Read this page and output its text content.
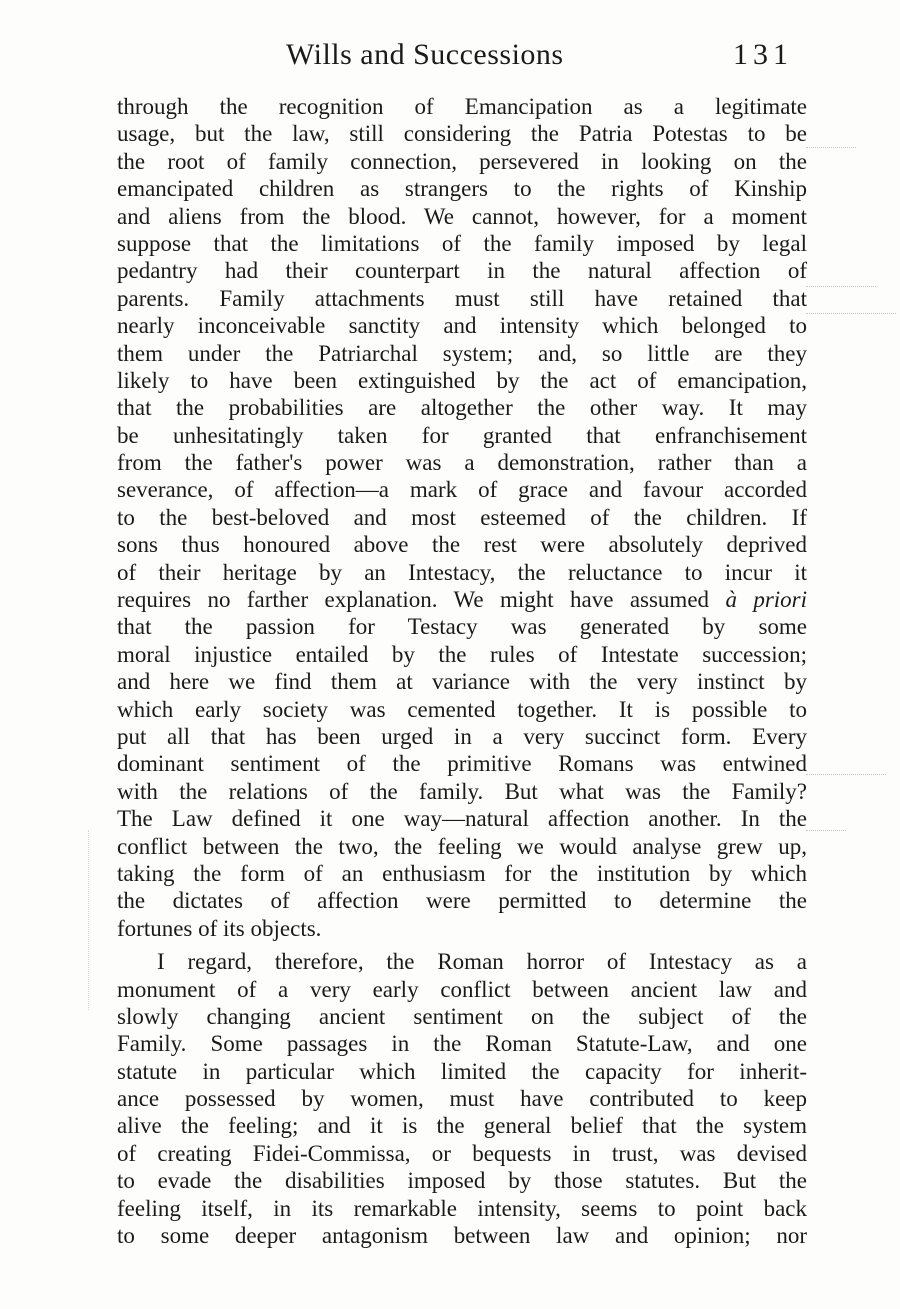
Wills and Successions	131
through the recognition of Emancipation as a legitimate
usage, but the law, still considering the Patria Potestas to be
the root of family connection, persevered in looking on the
emancipated children as strangers to the rights of Kinship
and aliens from the blood. We cannot, however, for a moment
suppose that the limitations of the family imposed by legal
pedantry had their counterpart in the natural affection of
parents. Family attachments must still have retained that
nearly inconceivable sanctity and intensity which belonged to
them under the Patriarchal system; and, so little are they
likely to have been extinguished by the act of emancipation,
that the probabilities are altogether the other way. It may
be unhesitatingly taken for granted that enfranchisement
from the father's power was a demonstration, rather than a
severance, of affection—a mark of grace and favour accorded
to the best-beloved and most esteemed of the children. If
sons thus honoured above the rest were absolutely deprived
of their heritage by an Intestacy, the reluctance to incur it
requires no farther explanation. We might have assumed à priori
that the passion for Testacy was generated by some
moral injustice entailed by the rules of Intestate succession;
and here we find them at variance with the very instinct by
which early society was cemented together. It is possible to
put all that has been urged in a very succinct form. Every
dominant sentiment of the primitive Romans was entwined
with the relations of the family. But what was the Family?
The Law defined it one way—natural affection another. In the
conflict between the two, the feeling we would analyse grew up,
taking the form of an enthusiasm for the institution by which
the dictates of affection were permitted to determine the
fortunes of its objects.
I regard, therefore, the Roman horror of Intestacy as a
monument of a very early conflict between ancient law and
slowly changing ancient sentiment on the subject of the
Family. Some passages in the Roman Statute-Law, and one
statute in particular which limited the capacity for inherit-
ance possessed by women, must have contributed to keep
alive the feeling; and it is the general belief that the system
of creating Fidei-Commissa, or bequests in trust, was devised
to evade the disabilities imposed by those statutes. But the
feeling itself, in its remarkable intensity, seems to point back
to some deeper antagonism between law and opinion; nor
